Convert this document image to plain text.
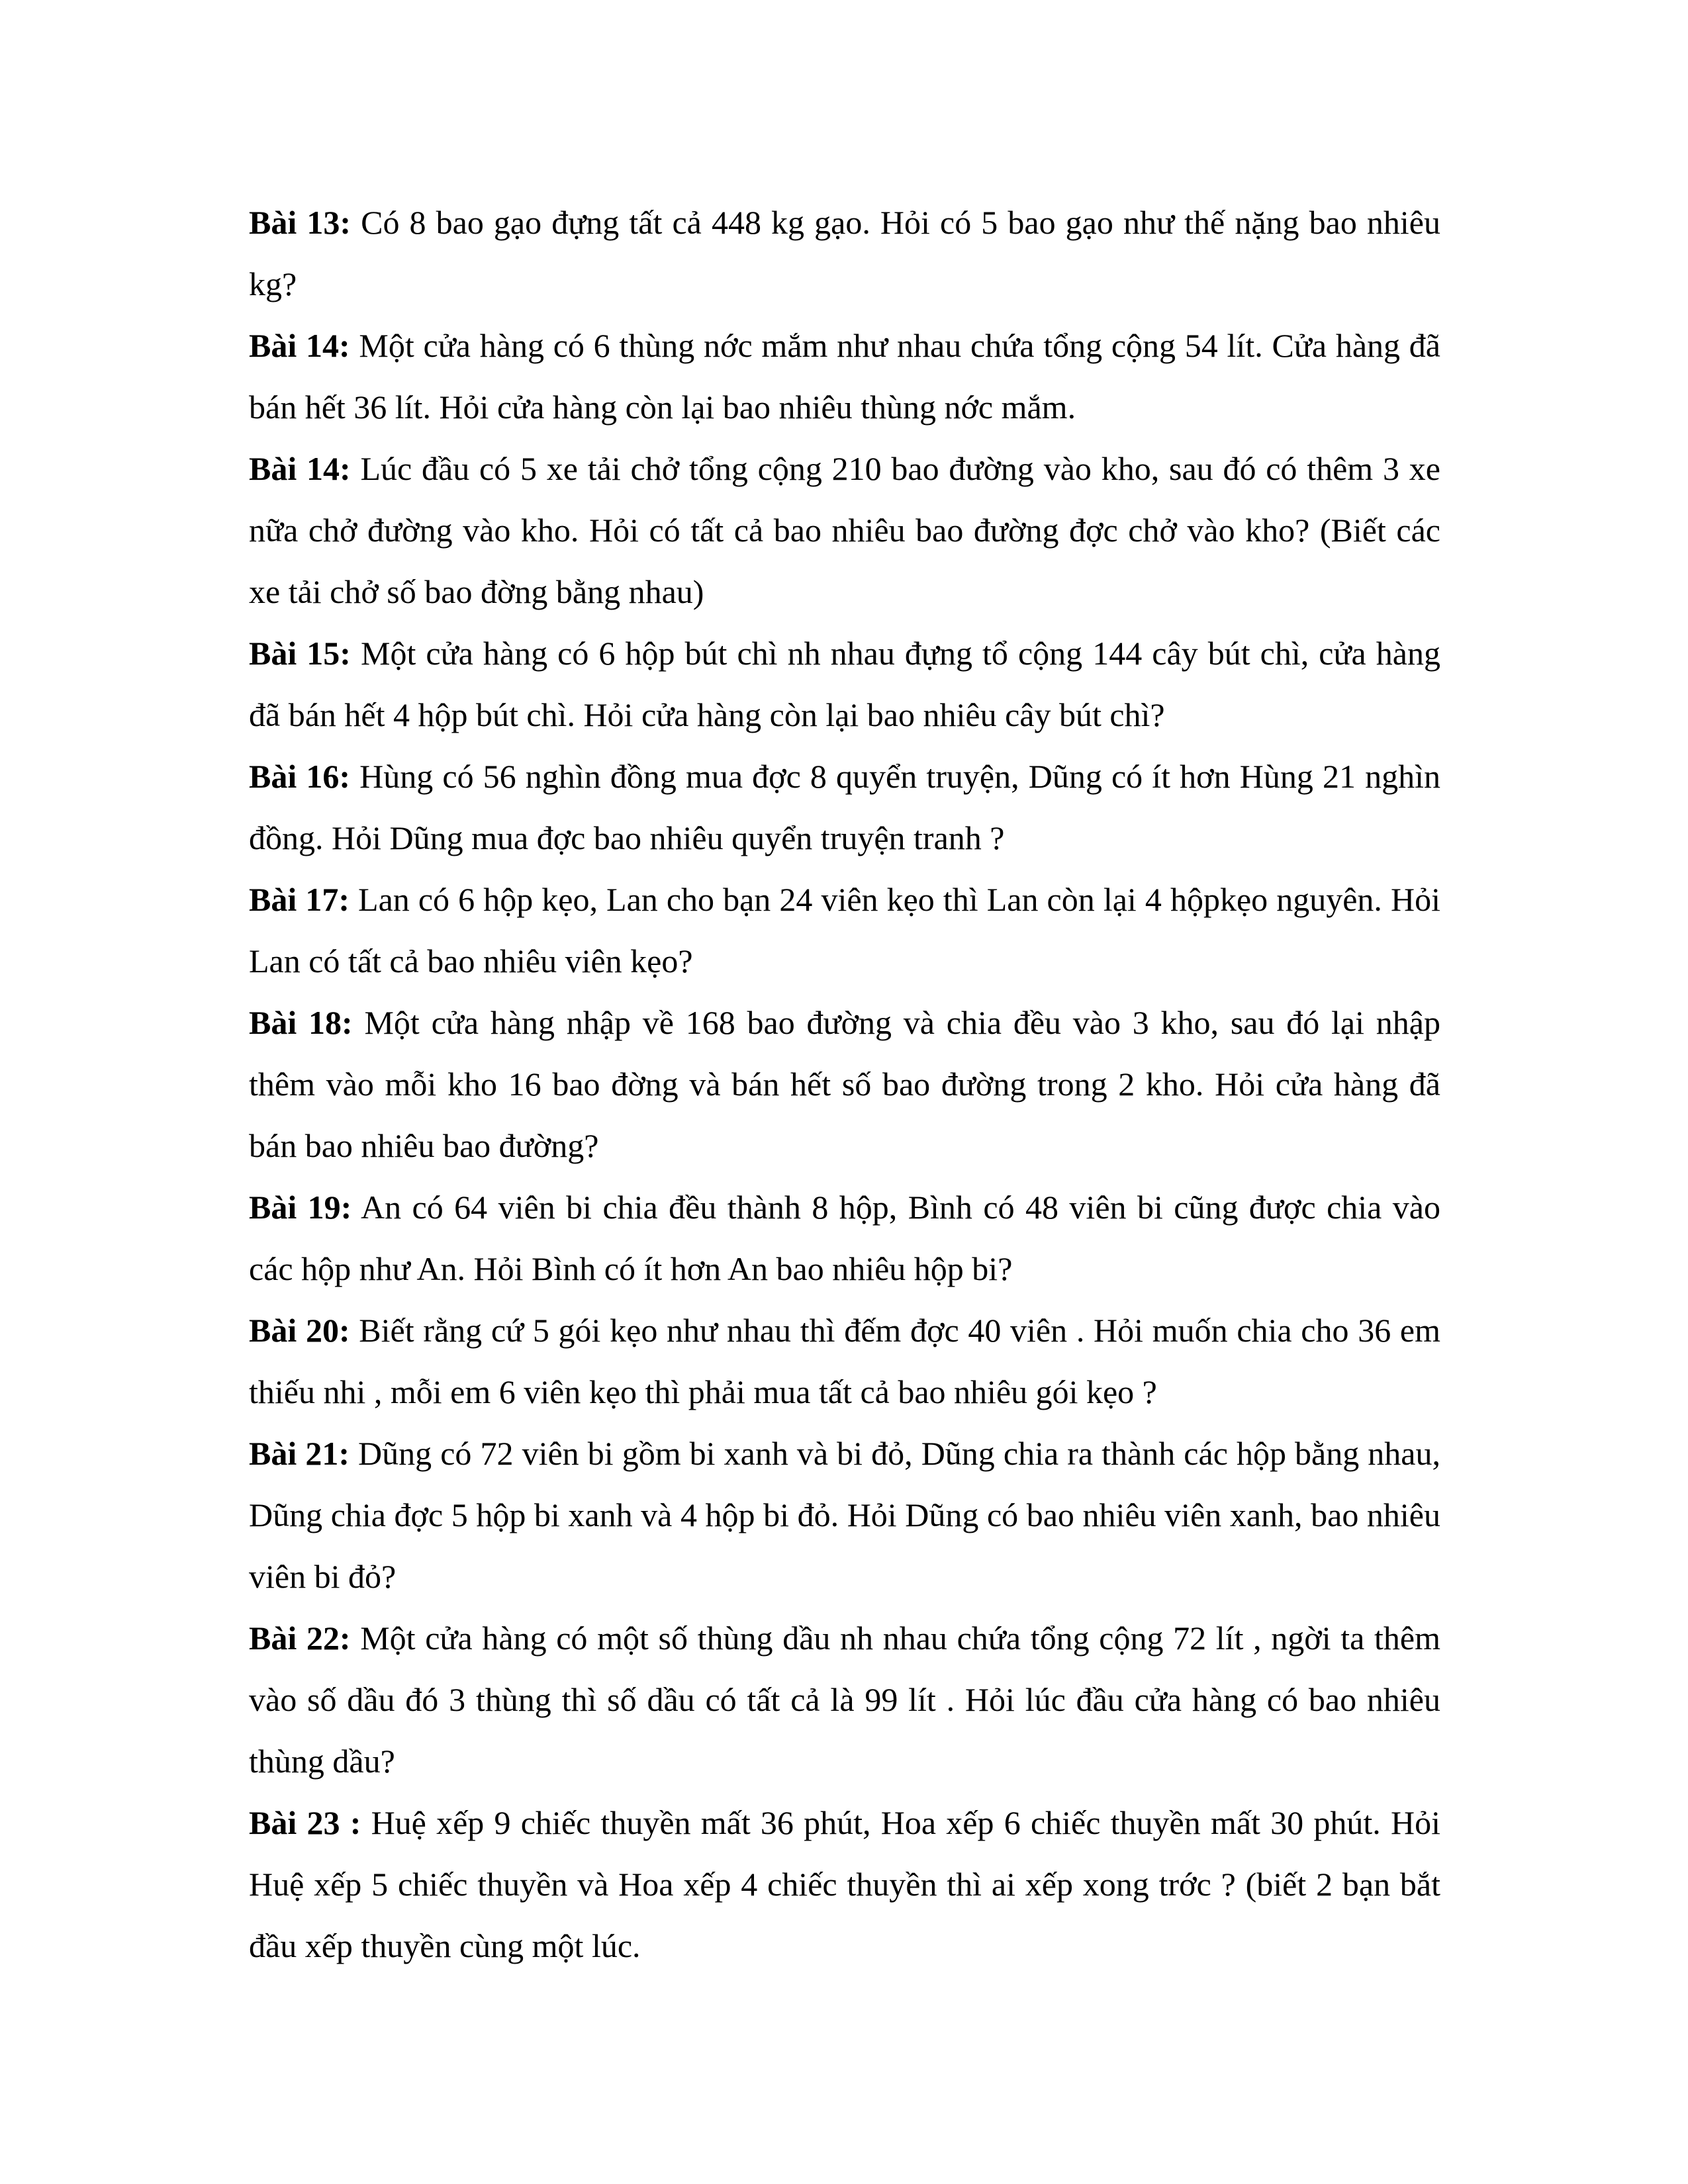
Bài 13: Có 8 bao gạo đựng tất cả 448 kg gạo. Hỏi có 5 bao gạo như thế nặng bao nhiêu kg?

Bài 14: Một cửa hàng có 6 thùng nớc mắm như nhau chứa tổng cộng 54 lít. Cửa hàng đã bán hết 36 lít. Hỏi cửa hàng còn lại bao nhiêu thùng nớc mắm.

Bài 14: Lúc đầu có 5 xe tải chở tổng cộng 210 bao đường vào kho, sau đó có thêm 3 xe nữa chở đường vào kho. Hỏi có tất cả bao nhiêu bao đường đợc chở vào kho? (Biết các xe tải chở số bao đờng bằng nhau)

Bài 15: Một cửa hàng có 6 hộp bút chì nh nhau đựng tổ cộng 144 cây bút chì, cửa hàng đã bán hết 4 hộp bút chì. Hỏi cửa hàng còn lại bao nhiêu cây bút chì?

Bài 16: Hùng có 56 nghìn đồng mua đợc 8 quyển truyện, Dũng có ít hơn Hùng 21 nghìn đồng. Hỏi Dũng mua đợc bao nhiêu quyển truyện tranh ?

Bài 17: Lan có 6 hộp kẹo, Lan cho bạn 24 viên kẹo thì Lan còn lại 4 hộpkẹo nguyên. Hỏi Lan có tất cả bao nhiêu viên kẹo?

Bài 18: Một cửa hàng nhập về 168 bao đường và chia đều vào 3 kho, sau đó lại nhập thêm vào mỗi kho 16 bao đờng và bán hết số bao đường trong 2 kho. Hỏi cửa hàng đã bán bao nhiêu bao đường?

Bài 19: An có 64 viên bi chia đều thành 8 hộp, Bình có 48 viên bi cũng được chia vào các hộp như An. Hỏi Bình có ít hơn An bao nhiêu hộp bi?

Bài 20: Biết rằng cứ 5 gói kẹo như nhau thì đếm đợc 40 viên . Hỏi muốn chia cho 36 em thiếu nhi , mỗi em 6 viên kẹo thì phải mua tất cả bao nhiêu gói kẹo ?

Bài 21: Dũng có 72 viên bi gồm bi xanh và bi đỏ, Dũng chia ra thành các hộp bằng nhau, Dũng chia đợc 5 hộp bi xanh và 4 hộp bi đỏ. Hỏi Dũng có bao nhiêu viên xanh, bao nhiêu viên bi đỏ?

Bài 22: Một cửa hàng có một số thùng dầu nh nhau chứa tổng cộng 72 lít , ngời ta thêm vào số dầu đó 3 thùng thì số dầu có tất cả là 99 lít . Hỏi lúc đầu cửa hàng có bao nhiêu thùng dầu?

Bài 23 : Huệ xếp 9 chiếc thuyền mất 36 phút, Hoa xếp 6 chiếc thuyền mất 30 phút. Hỏi Huệ xếp 5 chiếc thuyền và Hoa xếp 4 chiếc thuyền thì ai xếp xong trớc ? (biết 2 bạn bắt đầu xếp thuyền cùng một lúc.
